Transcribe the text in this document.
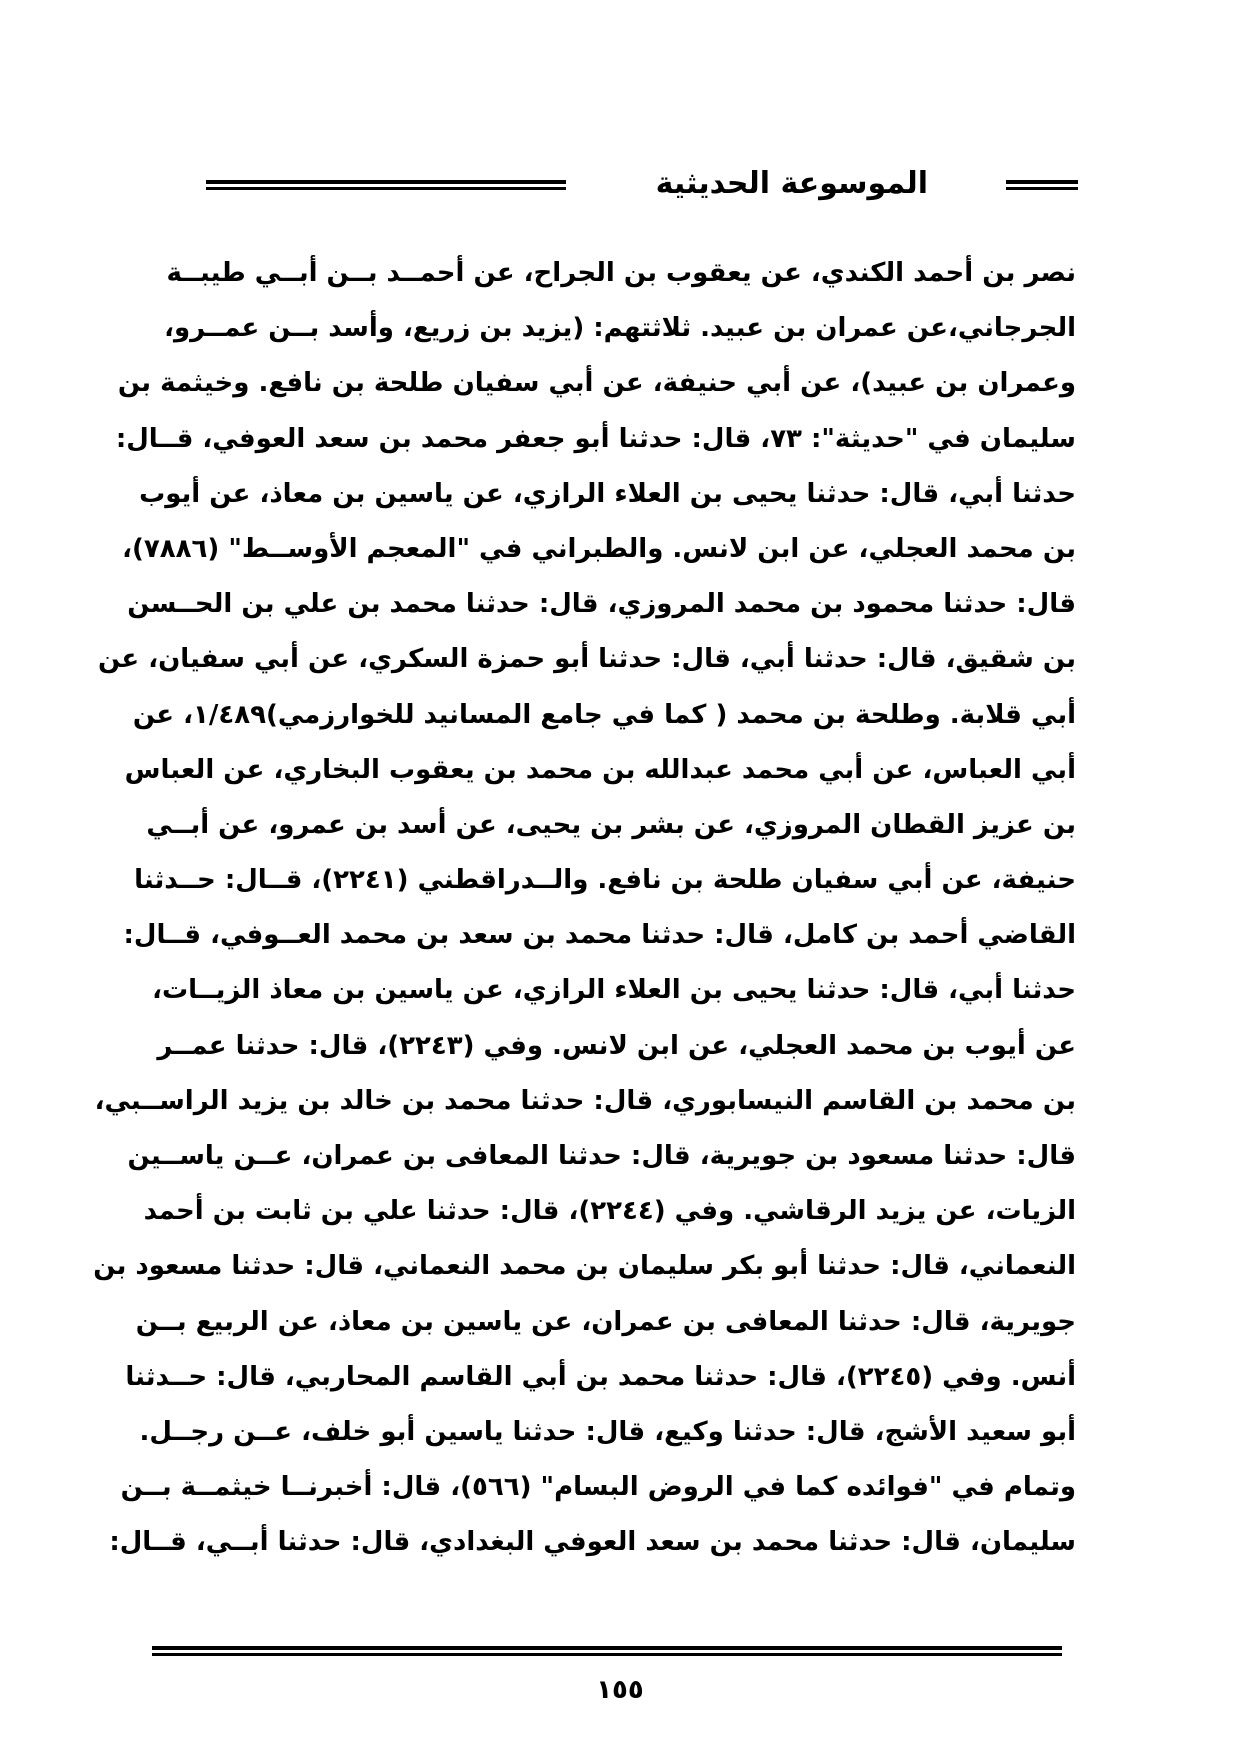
الموسوعة الحديثية
نصر بن أحمد الكندي، عن يعقوب بن الجراح، عن أحمــد بــن أبــي طيبــة
الجرجاني،عن عمران بن عبيد. ثلاثتهم: (يزيد بن زريع، وأسد بــن عمــرو،
وعمران بن عبيد)، عن أبي حنيفة، عن أبي سفيان طلحة بن نافع. وخيثمة بن
سليمان في "حديثة": ٧٣، قال: حدثنا أبو جعفر محمد بن سعد العوفي، قــال:
حدثنا أبي، قال: حدثنا يحيى بن العلاء الرازي، عن ياسين بن معاذ، عن أيوب
بن محمد العجلي، عن ابن لانس. والطبراني في "المعجم الأوســط" (٧٨٨٦)،
قال: حدثنا محمود بن محمد المروزي، قال: حدثنا محمد بن علي بن الحــسن
بن شقيق، قال: حدثنا أبي، قال: حدثنا أبو حمزة السكري، عن أبي سفيان، عن
أبي قلابة. وطلحة بن محمد ( كما في جامع المسانيد للخوارزمي)١/٤٨٩، عن
أبي العباس، عن أبي محمد عبدالله بن محمد بن يعقوب البخاري، عن العباس
بن عزيز القطان المروزي، عن بشر بن يحيى، عن أسد بن عمرو، عن أبــي
حنيفة، عن أبي سفيان طلحة بن نافع. والــدراقطني (٢٢٤١)، قــال: حــدثنا
القاضي أحمد بن كامل، قال: حدثنا محمد بن سعد بن محمد العــوفي، قــال:
حدثنا أبي، قال: حدثنا يحيى بن العلاء الرازي، عن ياسين بن معاذ الزيــات،
عن أيوب بن محمد العجلي، عن ابن لانس. وفي (٢٢٤٣)، قال: حدثنا عمــر
بن محمد بن القاسم النيسابوري، قال: حدثنا محمد بن خالد بن يزيد الراســبي،
قال: حدثنا مسعود بن جويرية، قال: حدثنا المعافى بن عمران، عــن ياســين
الزيات، عن يزيد الرقاشي. وفي (٢٢٤٤)، قال: حدثنا علي بن ثابت بن أحمد
النعماني، قال: حدثنا أبو بكر سليمان بن محمد النعماني، قال: حدثنا مسعود بن
جويرية، قال: حدثنا المعافى بن عمران، عن ياسين بن معاذ، عن الربيع بــن
أنس. وفي (٢٢٤٥)، قال: حدثنا محمد بن أبي القاسم المحاربي، قال: حــدثنا
أبو سعيد الأشج، قال: حدثنا وكيع، قال: حدثنا ياسين أبو خلف، عــن رجــل.
وتمام في "فوائده كما في الروض البسام" (٥٦٦)، قال: أخبرنــا خيثمــة بــن
سليمان، قال: حدثنا محمد بن سعد العوفي البغدادي، قال: حدثنا أبــي، قــال:
١٥٥
